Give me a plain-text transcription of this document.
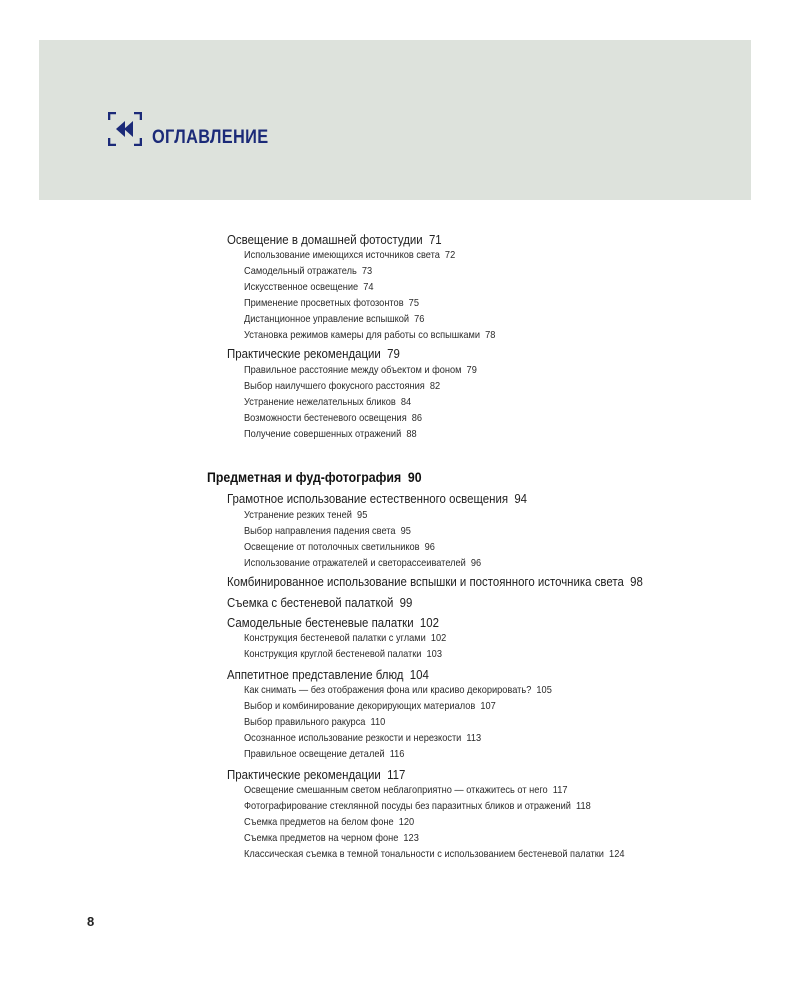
ОГЛАВЛЕНИЕ
Освещение в домашней фотостудии 71
Использование имеющихся источников света 72
Самодельный отражатель 73
Искусственное освещение 74
Применение просветных фотозонтов 75
Дистанционное управление вспышкой 76
Установка режимов камеры для работы со вспышками 78
Практические рекомендации 79
Правильное расстояние между объектом и фоном 79
Выбор наилучшего фокусного расстояния 82
Устранение нежелательных бликов 84
Возможности бестеневого освещения 86
Получение совершенных отражений 88
Предметная и фуд-фотография 90
Грамотное использование естественного освещения 94
Устранение резких теней 95
Выбор направления падения света 95
Освещение от потолочных светильников 96
Использование отражателей и светорассеивателей 96
Комбинированное использование вспышки и постоянного источника света 98
Съемка с бестеневой палаткой 99
Самодельные бестеневые палатки 102
Конструкция бестеневой палатки с углами 102
Конструкция круглой бестеневой палатки 103
Аппетитное представление блюд 104
Как снимать — без отображения фона или красиво декорировать? 105
Выбор и комбинирование декорирующих материалов 107
Выбор правильного ракурса 110
Осознанное использование резкости и нерезкости 113
Правильное освещение деталей 116
Практические рекомендации 117
Освещение смешанным светом неблагоприятно — откажитесь от него 117
Фотографирование стеклянной посуды без паразитных бликов и отражений 118
Съемка предметов на белом фоне 120
Съемка предметов на черном фоне 123
Классическая съемка в темной тональности с использованием бестеневой палатки 124
8
